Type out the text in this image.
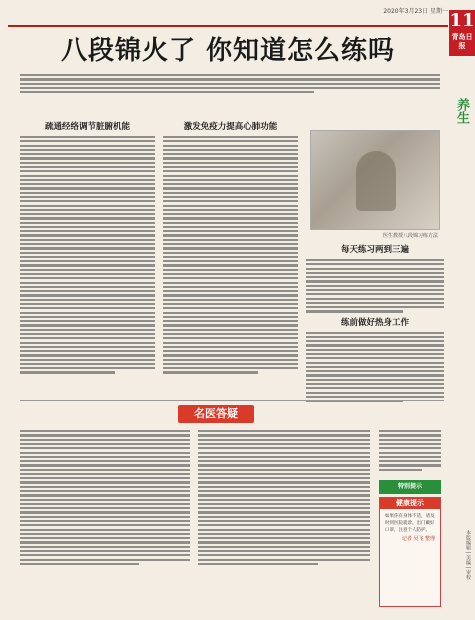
2020年3月23日 星期一
八段锦火了 你知道怎么练吗
疏通经络调节脏腑机能	激发免疫力提高心肺功能
医生教授八段锦习练方法
每天练习两到三遍
练前做好热身工作
名医答疑
特别提示
健康提示
如果你有身体不适，请及时到医院就诊。出门戴好口罩，注意个人防护。
记者 吴飞 整理
11
青岛日报
养生
本版编辑 | 美编 | 审校
